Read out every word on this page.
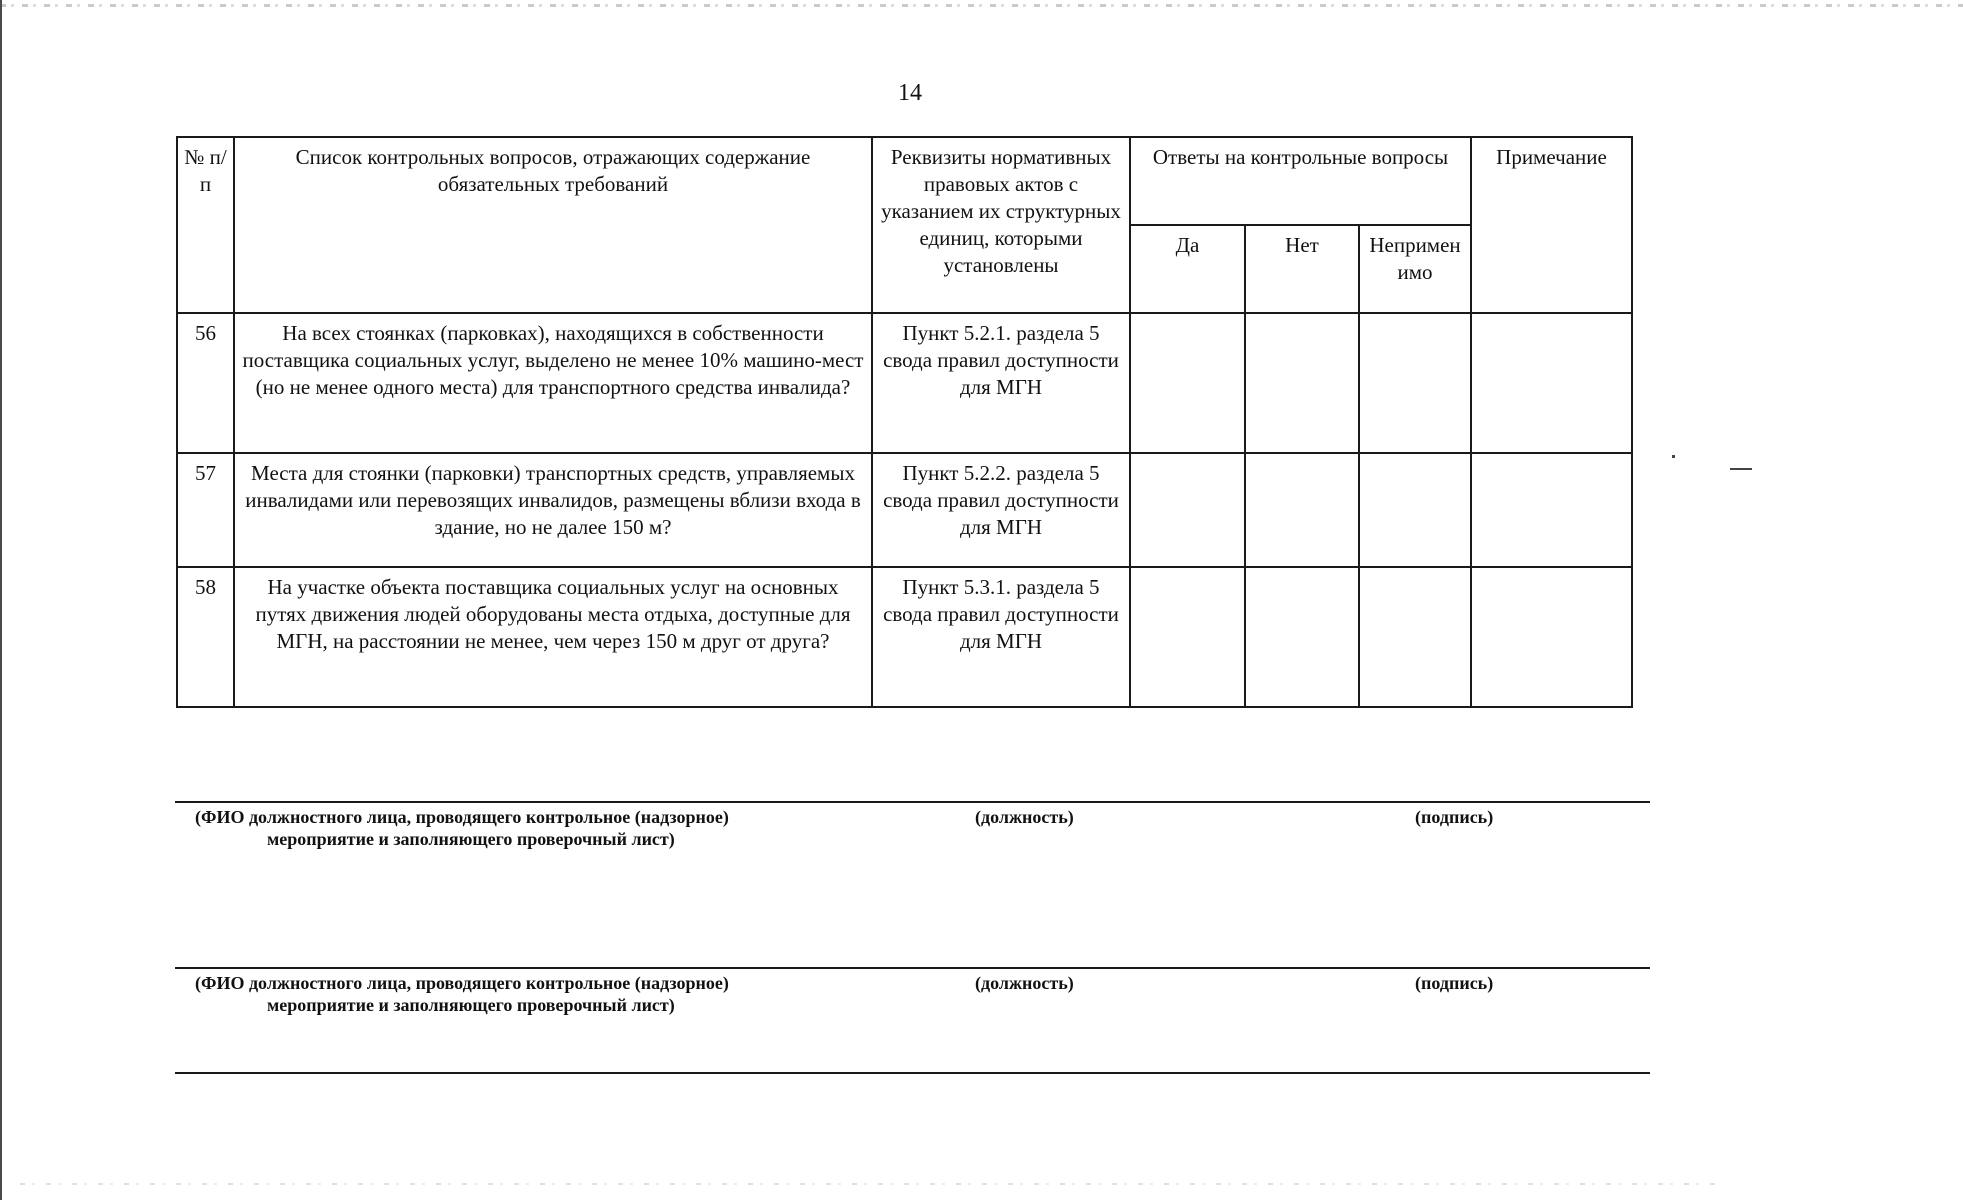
14
№ п/п	Список контрольных вопросов, отражающих содержание обязательных требований	Реквизиты нормативных правовых актов с указанием их структурных единиц, которыми установлены	Ответы на контрольные вопросы			Примечание
			Да	Нет	Неприменимо	
56	На всех стоянках (парковках), находящихся в собственности поставщика социальных услуг, выделено не менее 10% машино-мест (но не менее одного места) для транспортного средства инвалида?	Пункт 5.2.1. раздела 5 свода правил доступности для МГН				
57	Места для стоянки (парковки) транспортных средств, управляемых инвалидами или перевозящих инвалидов, размещены вблизи входа в здание, но не далее 150 м?	Пункт 5.2.2. раздела 5 свода правил доступности для МГН				
58	На участке объекта поставщика социальных услуг на основных путях движения людей оборудованы места отдыха, доступные для МГН, на расстоянии не менее, чем через 150 м друг от друга?	Пункт 5.3.1. раздела 5 свода правил доступности для МГН				
(ФИО должностного лица, проводящего контрольное (надзорное)
мероприятие и заполняющего проверочный лист)
(должность)	(подпись)
(ФИО должностного лица, проводящего контрольное (надзорное)
мероприятие и заполняющего проверочный лист)
(должность)	(подпись)
